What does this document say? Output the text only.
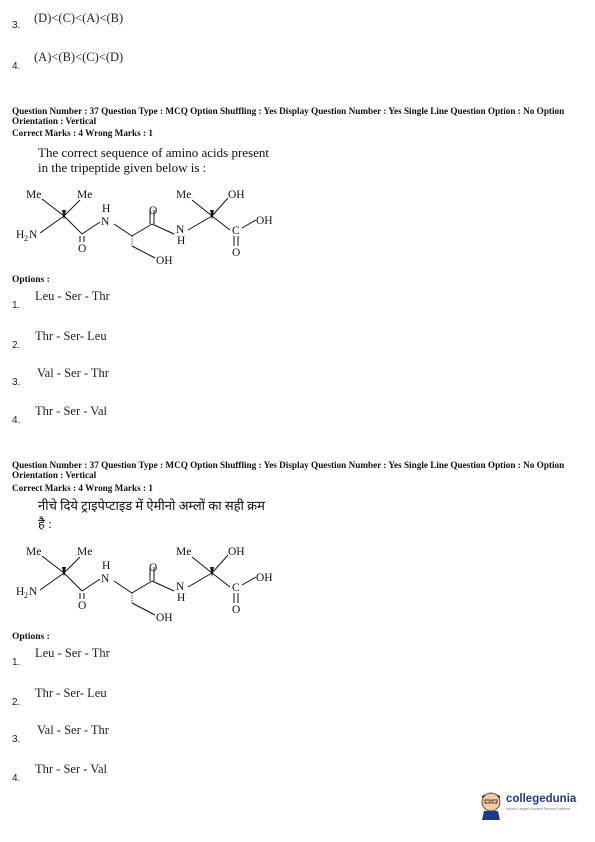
3.
(D)<(C)<(A)<(B)
4.
(A)<(B)<(C)<(D)
Question Number : 37 Question Type : MCQ Option Shuffling : Yes Display Question Number : Yes Single Line Question Option : No Option Orientation : Vertical
Correct Marks : 4 Wrong Marks : 1
The correct sequence of amino acids present
in the tripeptide given below is :
Me	Me	Me	OH
OH
H
N
N
H
H 2 N
O
O
C
O
OH
Options :
1.
Leu - Ser - Thr
2.
Thr - Ser- Leu
3.
Val - Ser - Thr
4.
Thr - Ser - Val
Question Number : 37 Question Type : MCQ Option Shuffling : Yes Display Question Number : Yes Single Line Question Option : No Option Orientation : Vertical
Correct Marks : 4 Wrong Marks : 1
नीचे दिये ट्राइपेप्टाइड में ऐमीनो अम्लों का सही क्रम
है :
Me	Me	Me	OH
OH
H
N
N
H
H 2 N
O
O
C
O
OH
Options :
1.
Leu - Ser - Thr
2.
Thr - Ser- Leu
3.
Val - Ser - Thr
4.
Thr - Ser - Val
collegedunia
India's Largest Student Review Platform
